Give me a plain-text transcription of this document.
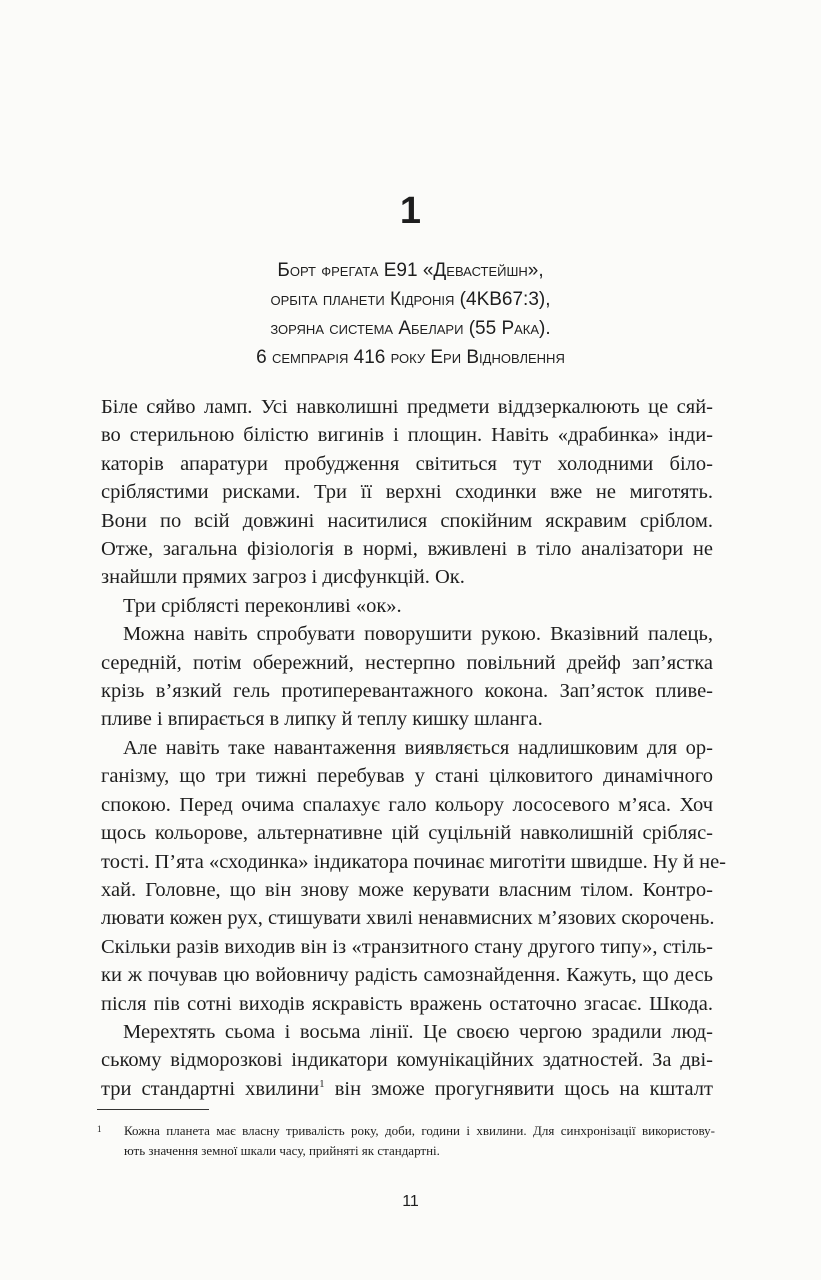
1
Борт фрегата Е91 «Девастейшн»,
орбіта планети Кідронія (4KB67:3),
зоряна система Абелари (55 Рака).
6 семпрарія 416 року Ери Відновлення
Біле сяйво ламп. Усі навколишні предмети віддзеркалюють це сяй-
во стерильною білістю вигинів і площин. Навіть «драбинка» інди-
каторів апаратури пробудження світиться тут холодними біло-
сріблястими рисками. Три її верхні сходинки вже не миготять.
Вони по всій довжині наситилися спокійним яскравим сріблом.
Отже, загальна фізіологія в нормі, вживлені в тіло аналізатори не
знайшли прямих загроз і дисфункцій. Ок.
Три сріблясті переконливі «ок».
Можна навіть спробувати поворушити рукою. Вказівний палець,
середній, потім обережний, нестерпно повільний дрейф зап’ястка
крізь в’язкий гель протиперевантажного кокона. Зап’ясток пливе-
пливе і впирається в липку й теплу кишку шланга.
Але навіть таке навантаження виявляється надлишковим для ор-
ганізму, що три тижні перебував у стані цілковитого динамічного
спокою. Перед очима спалахує гало кольору лососевого м’яса. Хоч
щось кольорове, альтернативне цій суцільній навколишній срібляс-
тості. П’ята «сходинка» індикатора починає миготіти швидше. Ну й не-
хай. Головне, що він знову може керувати власним тілом. Контро-
лювати кожен рух, стишувати хвилі ненавмисних м’язових скорочень.
Скільки разів виходив він із «транзитного стану другого типу», стіль-
ки ж почував цю войовничу радість самознайдення. Кажуть, що десь
після пів сотні виходів яскравість вражень остаточно згасає. Шкода.
Мерехтять сьома і восьма лінії. Це своєю чергою зрадили люд-
ському відморозкові індикатори комунікаційних здатностей. За дві-
три стандартні хвилини$^1$ він зможе прогугнявити щось на кшталт
1 Кожна планета має власну тривалість року, доби, години і хвилини. Для синхронізації використову-
ють значення земної шкали часу, прийняті як стандартні.
11
